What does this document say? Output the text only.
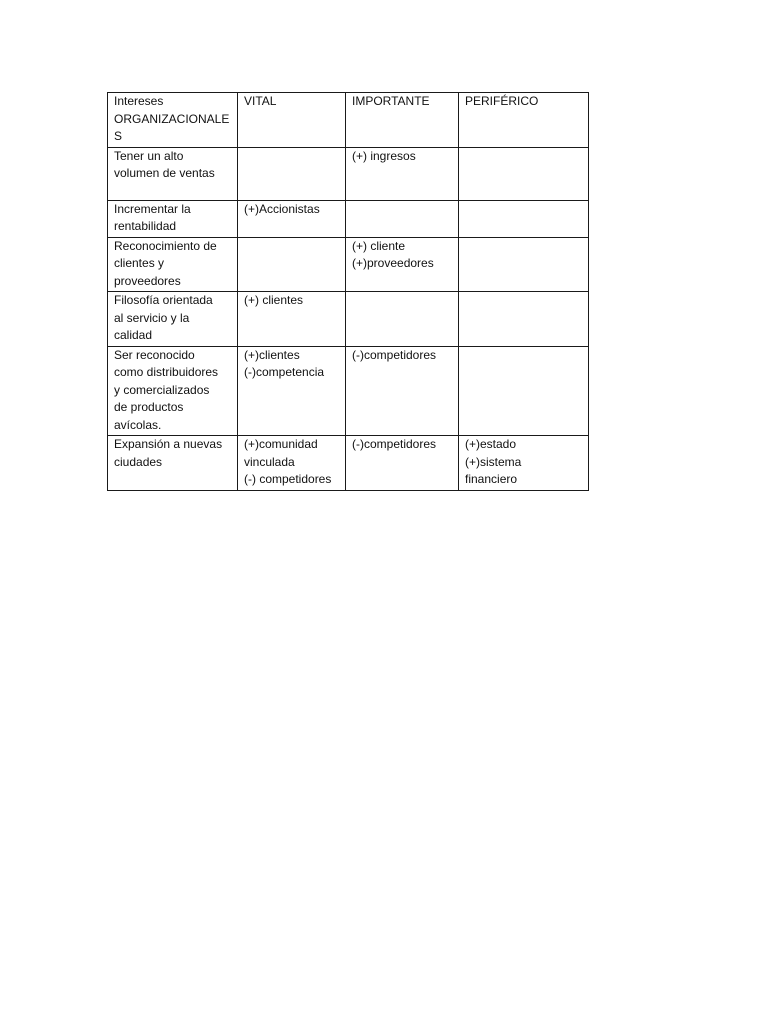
Intereses
ORGANIZACIONALE
S	VITAL	IMPORTANTE	PERIFÉRICO

Tener un alto
volumen de ventas		(+) ingresos	

Incrementar la
rentabilidad	(+)Accionistas		

Reconocimiento de
clientes y
proveedores		(+) cliente
(+)proveedores	

Filosofía orientada
al servicio y la
calidad	(+) clientes		

Ser reconocido
como distribuidores
y comercializados
de productos
avícolas.	(+)clientes
(-)competencia	(-)competidores	

Expansión a nuevas
ciudades	(+)comunidad
vinculada
(-) competidores	(-)competidores	(+)estado
(+)sistema
financiero
